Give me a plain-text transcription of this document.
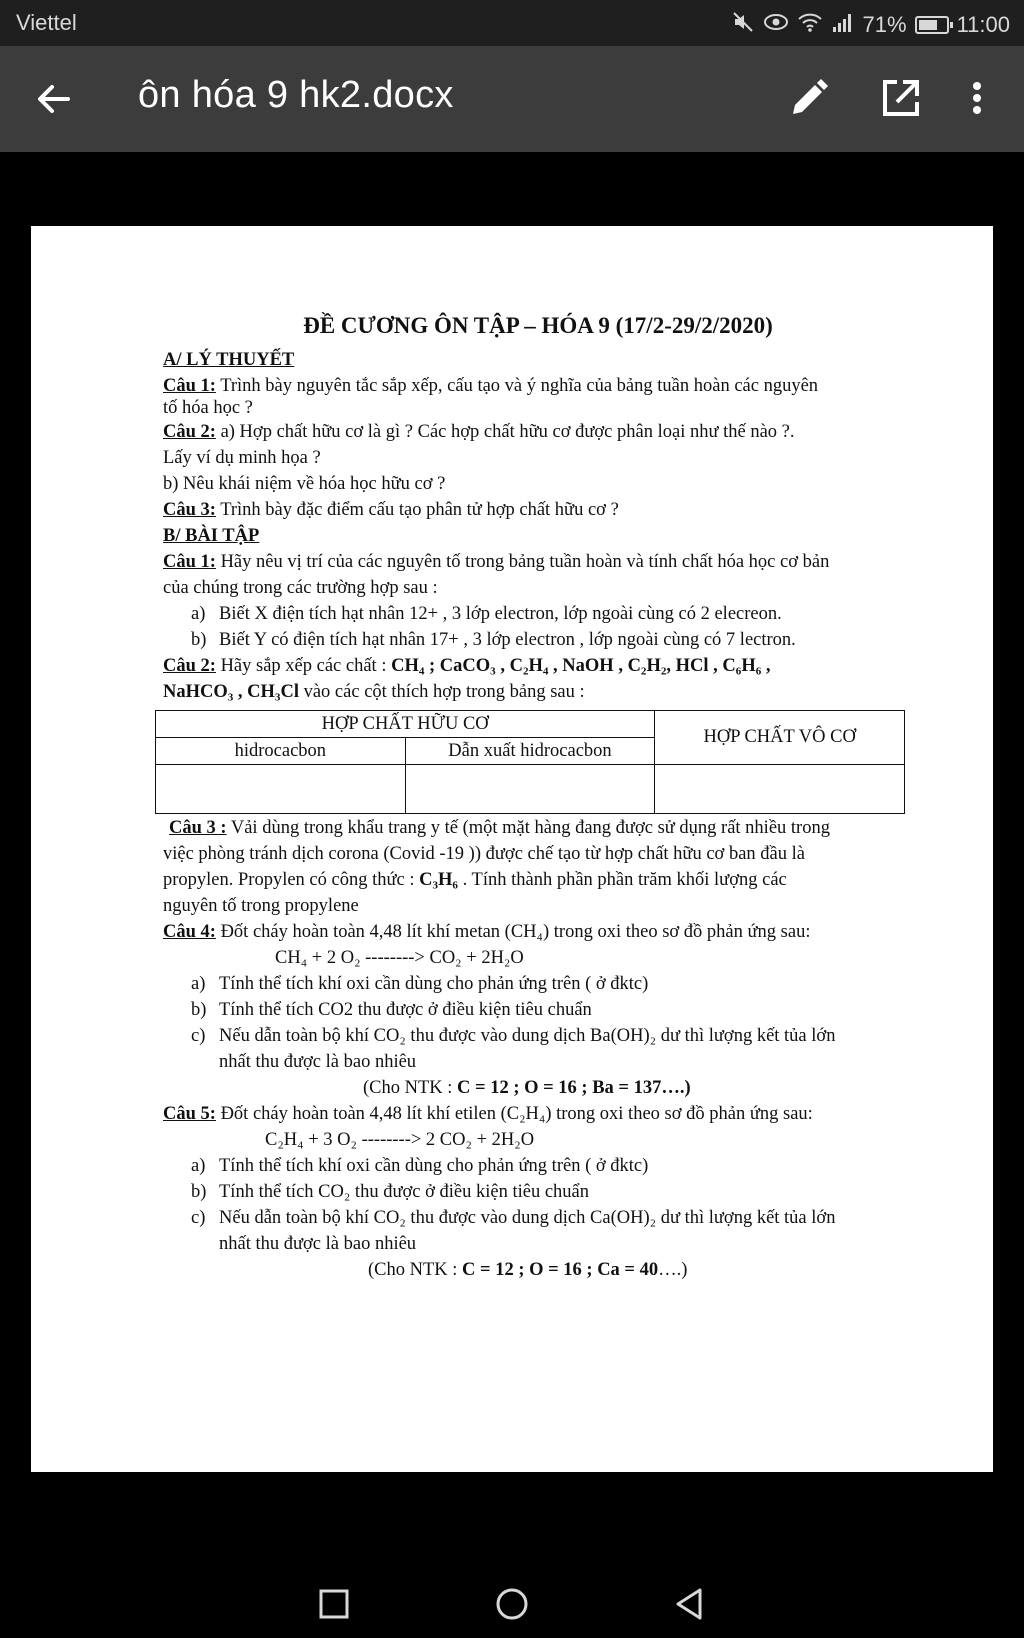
Viettel	71% 11:00
ôn hóa 9 hk2.docx
ĐỀ CƯƠNG ÔN TẬP – HÓA 9 (17/2-29/2/2020)
A/ LÝ THUYẾT
Câu 1: Trình bày nguyên tắc sắp xếp, cấu tạo và ý nghĩa của bảng tuần hoàn các nguyên
tố hóa học ?
Câu 2: a) Hợp chất hữu cơ là gì ? Các hợp chất hữu cơ được phân loại như thế nào ?.
Lấy ví dụ minh họa ?
b) Nêu khái niệm về hóa học hữu cơ ?
Câu 3: Trình bày đặc điểm cấu tạo phân tử hợp chất hữu cơ ?
B/ BÀI TẬP
Câu 1: Hãy nêu vị trí của các nguyên tố trong bảng tuần hoàn và tính chất hóa học cơ bản
của chúng trong các trường hợp sau :
a) Biết X điện tích hạt nhân 12+ , 3 lớp electron, lớp ngoài cùng có 2 elecreon.
b) Biết Y có điện tích hạt nhân 17+ , 3 lớp electron , lớp ngoài cùng có 7 lectron.
Câu 2: Hãy sắp xếp các chất : CH₄ ; CaCO₃ , C₂H₄ , NaOH , C₂H₂, HCl , C₆H₆ ,
NaHCO₃ , CH₃Cl vào các cột thích hợp trong bảng sau :
HỢP CHẤT HỮU CƠ		HỢP CHẤT VÔ CƠ
hidrocacbon	Dẫn xuất hidrocacbon	

Câu 3 : Vải dùng trong khẩu trang y tế (một mặt hàng đang được sử dụng rất nhiều trong
việc phòng tránh dịch corona (Covid -19 )) được chế tạo từ hợp chất hữu cơ ban đầu là
propylen. Propylen có công thức : C₃H₆ . Tính thành phần phần trăm khối lượng các
nguyên tố trong propylene
Câu 4: Đốt cháy hoàn toàn 4,48 lít khí metan (CH₄) trong oxi theo sơ đồ phản ứng sau:
CH₄ + 2 O₂ --------> CO₂ + 2H₂O
a) Tính thể tích khí oxi cần dùng cho phản ứng trên ( ở đktc)
b) Tính thể tích CO2 thu được ở điều kiện tiêu chuẩn
c) Nếu dẫn toàn bộ khí CO₂ thu được vào dung dịch Ba(OH)₂ dư thì lượng kết tủa lớn
nhất thu được là bao nhiêu
(Cho NTK : C = 12 ; O = 16 ; Ba = 137….)
Câu 5: Đốt cháy hoàn toàn 4,48 lít khí etilen (C₂H₄) trong oxi theo sơ đồ phản ứng sau:
C₂H₄ + 3 O₂ --------> 2 CO₂ + 2H₂O
a) Tính thể tích khí oxi cần dùng cho phản ứng trên ( ở đktc)
b) Tính thể tích CO₂ thu được ở điều kiện tiêu chuẩn
c) Nếu dẫn toàn bộ khí CO₂ thu được vào dung dịch Ca(OH)₂ dư thì lượng kết tủa lớn
nhất thu được là bao nhiêu
(Cho NTK : C = 12 ; O = 16 ; Ca = 40….)
